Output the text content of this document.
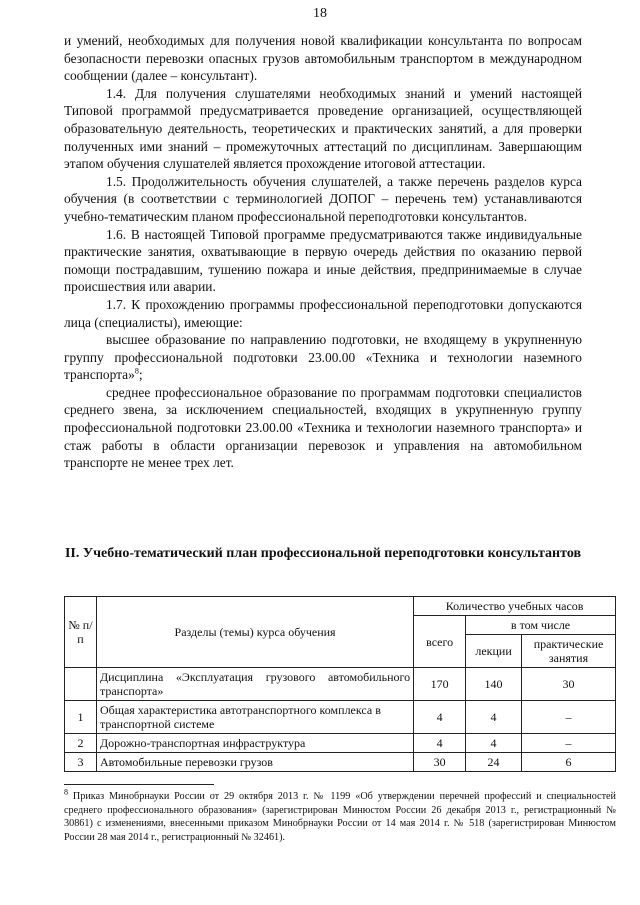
18

и умений, необходимых для получения новой квалификации консультанта по вопросам безопасности перевозки опасных грузов автомобильным транспортом в международном сообщении (далее – консультант).

1.4. Для получения слушателями необходимых знаний и умений настоящей Типовой программой предусматривается проведение организацией, осуществляющей образовательную деятельность, теоретических и практических занятий, а для проверки полученных ими знаний – промежуточных аттестаций по дисциплинам. Завершающим этапом обучения слушателей является прохождение итоговой аттестации.

1.5. Продолжительность обучения слушателей, а также перечень разделов курса обучения (в соответствии с терминологией ДОПОГ – перечень тем) устанавливаются учебно-тематическим планом профессиональной переподготовки консультантов.

1.6. В настоящей Типовой программе предусматриваются также индивидуальные практические занятия, охватывающие в первую очередь действия по оказанию первой помощи пострадавшим, тушению пожара и иные действия, предпринимаемые в случае происшествия или аварии.

1.7. К прохождению программы профессиональной переподготовки допускаются лица (специалисты), имеющие:

высшее образование по направлению подготовки, не входящему в укрупненную группу профессиональной подготовки 23.00.00 «Техника и технологии наземного транспорта»$^8$;

среднее профессиональное образование по программам подготовки специалистов среднего звена, за исключением специальностей, входящих в укрупненную группу профессиональной подготовки 23.00.00 «Техника и технологии наземного транспорта» и стаж работы в области организации перевозок и управления на автомобильном транспорте не менее трех лет.

II. Учебно-тематический план профессиональной переподготовки консультантов
№ п/п	Разделы (темы) курса обучения	Количество учебных часов		
		всего	в том числе	
			лекции	практические занятия
	Дисциплина «Эксплуатация грузового автомобильного транспорта»	170	140	30
1	Общая характеристика автотранспортного комплекса в транспортной системе	4	4	–
2	Дорожно-транспортная инфраструктура	4	4	–
3	Автомобильные перевозки грузов	30	24	6

$^8$ Приказ Минобрнауки России от 29 октября 2013 г. № 1199 «Об утверждении перечней профессий и специальностей среднего профессионального образования» (зарегистрирован Минюстом России 26 декабря 2013 г., регистрационный № 30861) с изменениями, внесенными приказом Минобрнауки России от 14 мая 2014 г. № 518 (зарегистрирован Минюстом России 28 мая 2014 г., регистрационный № 32461).
